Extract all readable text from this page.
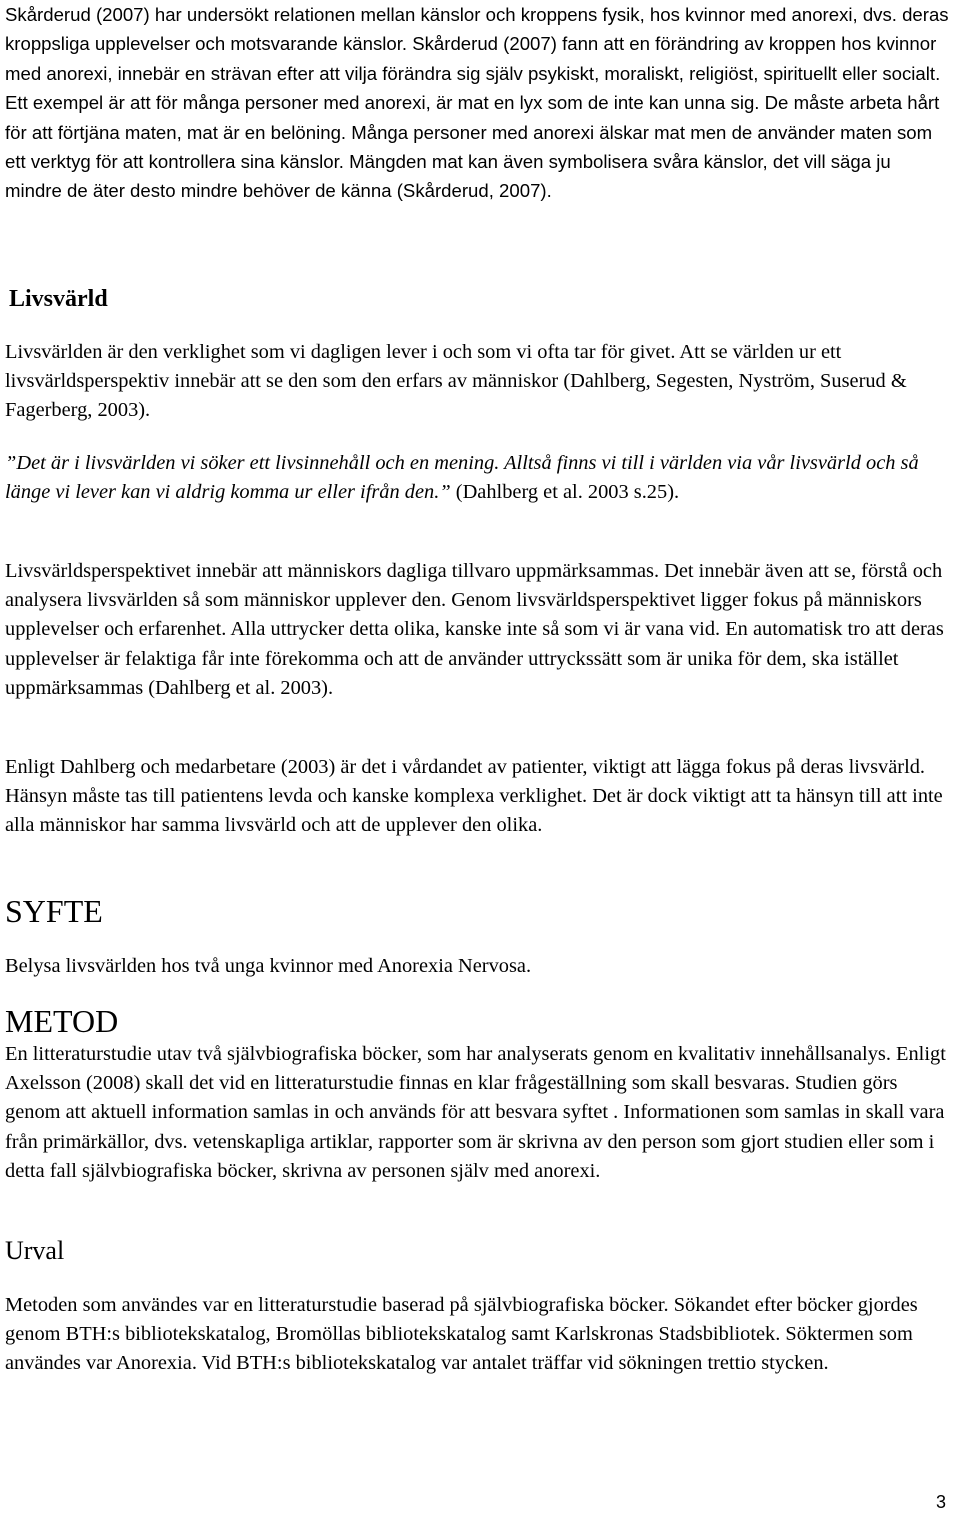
Skårderud (2007) har undersökt relationen mellan känslor och kroppens fysik, hos kvinnor med anorexi, dvs. deras kroppsliga upplevelser och motsvarande känslor. Skårderud (2007) fann att en förändring av kroppen hos kvinnor med anorexi, innebär en strävan efter att vilja förändra sig själv psykiskt, moraliskt, religiöst, spirituellt eller socialt. Ett exempel är att för många personer med anorexi, är mat en lyx som de inte kan unna sig. De måste arbeta hårt för att förtjäna maten, mat är en belöning. Många personer med anorexi älskar mat men de använder maten som ett verktyg för att kontrollera sina känslor. Mängden mat kan även symbolisera svåra känslor, det vill säga ju mindre de äter desto mindre behöver de känna (Skårderud, 2007).

Livsvärld

Livsvärlden är den verklighet som vi dagligen lever i och som vi ofta tar för givet. Att se världen ur ett livsvärldsperspektiv innebär att se den som den erfars av människor (Dahlberg, Segesten, Nyström, Suserud & Fagerberg, 2003).

”Det är i livsvärlden vi söker ett livsinnehåll och en mening. Alltså finns vi till i världen via vår livsvärld och så länge vi lever kan vi aldrig komma ur eller ifrån den.” (Dahlberg et al. 2003 s.25).

Livsvärldsperspektivet innebär att människors dagliga tillvaro uppmärksammas. Det innebär även att se, förstå och analysera livsvärlden så som människor upplever den. Genom livsvärldsperspektivet ligger fokus på människors upplevelser och erfarenhet. Alla uttrycker detta olika, kanske inte så som vi är vana vid. En automatisk tro att deras upplevelser är felaktiga får inte förekomma och att de använder uttryckssätt som är unika för dem, ska istället uppmärksammas (Dahlberg et al. 2003).

Enligt Dahlberg och medarbetare (2003) är det i vårdandet av patienter, viktigt att lägga fokus på deras livsvärld. Hänsyn måste tas till patientens levda och kanske komplexa verklighet. Det är dock viktigt att ta hänsyn till att inte alla människor har samma livsvärld och att de upplever den olika.

SYFTE

Belysa livsvärlden hos två unga kvinnor med Anorexia Nervosa.

METOD

En litteraturstudie utav två självbiografiska böcker, som har analyserats genom en kvalitativ innehållsanalys. Enligt Axelsson (2008) skall det vid en litteraturstudie finnas en klar frågeställning som skall besvaras. Studien görs genom att aktuell information samlas in och används för att besvara syftet . Informationen som samlas in skall vara från primärkällor, dvs. vetenskapliga artiklar, rapporter som är skrivna av den person som gjort studien eller som i detta fall självbiografiska böcker, skrivna av personen själv med anorexi.

Urval

Metoden som användes var en litteraturstudie baserad på självbiografiska böcker. Sökandet efter böcker gjordes genom BTH:s bibliotekskatalog, Bromöllas bibliotekskatalog samt Karlskronas Stadsbibliotek. Söktermen som användes var Anorexia. Vid BTH:s bibliotekskatalog var antalet träffar vid sökningen trettio stycken.

3
